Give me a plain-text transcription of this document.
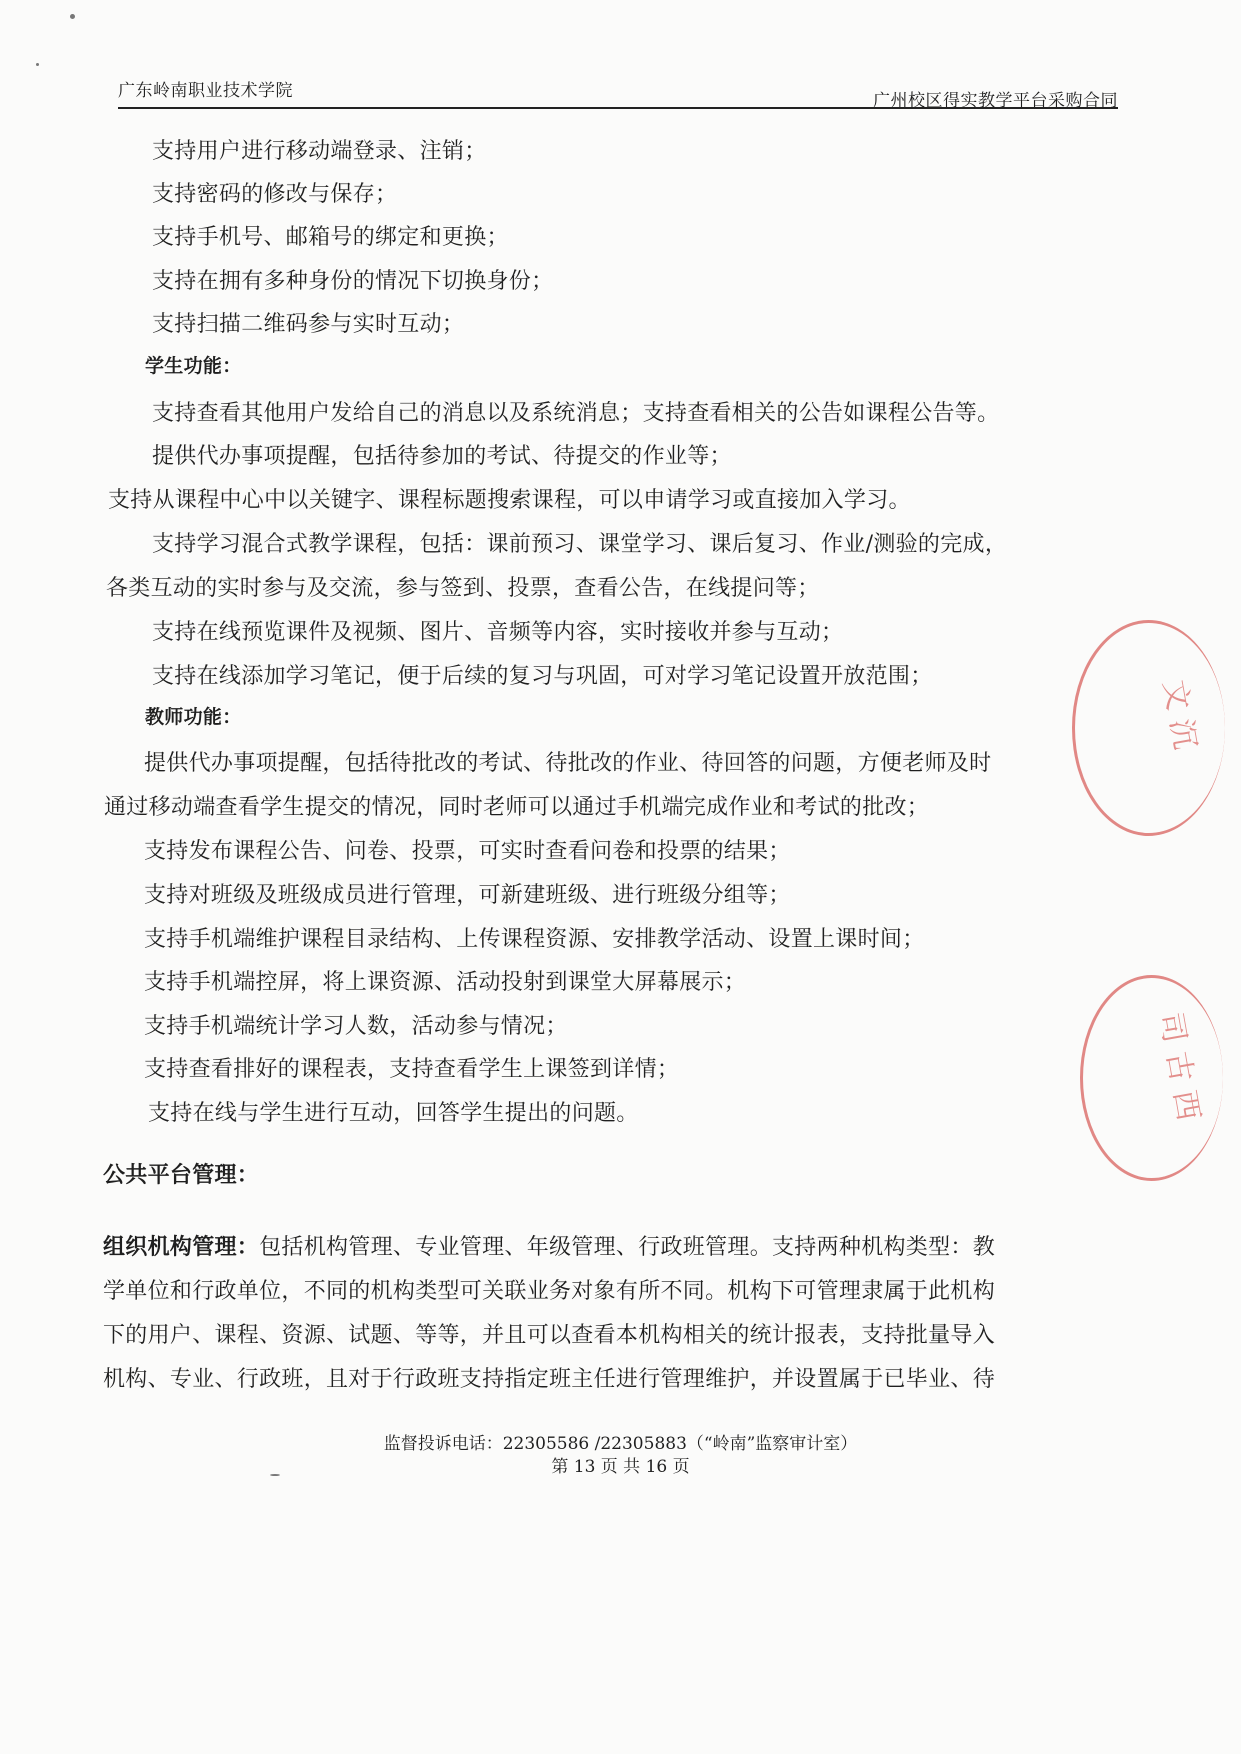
广东岭南职业技术学院	广州校区得实教学平台采购合同
支持用户进行移动端登录、注销；
支持密码的修改与保存；
支持手机号、邮箱号的绑定和更换；
支持在拥有多种身份的情况下切换身份；
支持扫描二维码参与实时互动；
学生功能：
支持查看其他用户发给自己的消息以及系统消息；支持查看相关的公告如课程公告等。
提供代办事项提醒，包括待参加的考试、待提交的作业等；
支持从课程中心中以关键字、课程标题搜索课程，可以申请学习或直接加入学习。
支持学习混合式教学课程，包括：课前预习、课堂学习、课后复习、作业/测验的完成，
各类互动的实时参与及交流，参与签到、投票，查看公告，在线提问等；
支持在线预览课件及视频、图片、音频等内容，实时接收并参与互动；
支持在线添加学习笔记，便于后续的复习与巩固，可对学习笔记设置开放范围；
教师功能：
提供代办事项提醒，包括待批改的考试、待批改的作业、待回答的问题，方便老师及时
通过移动端查看学生提交的情况，同时老师可以通过手机端完成作业和考试的批改；
支持发布课程公告、问卷、投票，可实时查看问卷和投票的结果；
支持对班级及班级成员进行管理，可新建班级、进行班级分组等；
支持手机端维护课程目录结构、上传课程资源、安排教学活动、设置上课时间；
支持手机端控屏，将上课资源、活动投射到课堂大屏幕展示；
支持手机端统计学习人数，活动参与情况；
支持查看排好的课程表，支持查看学生上课签到详情；
支持在线与学生进行互动，回答学生提出的问题。
公共平台管理：
组织机构管理：包括机构管理、专业管理、年级管理、行政班管理。支持两种机构类型：教
学单位和行政单位，不同的机构类型可关联业务对象有所不同。机构下可管理隶属于此机构
下的用户、课程、资源、试题、等等，并且可以查看本机构相关的统计报表，支持批量导入
机构、专业、行政班，且对于行政班支持指定班主任进行管理维护，并设置属于已毕业、待
监督投诉电话：22305586 /22305883（“岭南”监察审计室）
第 13 页 共 16 页
文 沉
司 古 西
